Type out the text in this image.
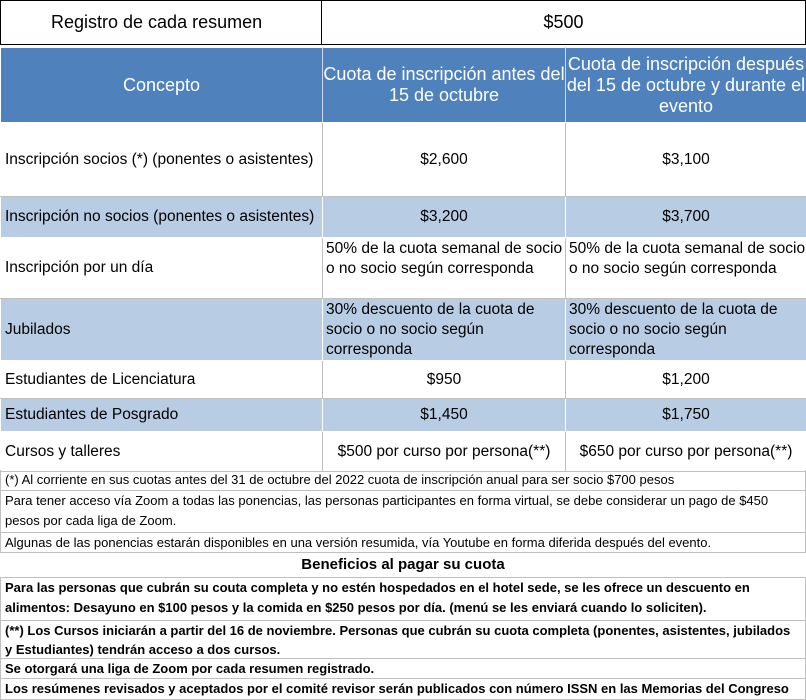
Registro de cada resumen	$500
Concepto	Cuota de inscripción antes del 15 de octubre	Cuota de inscripción después del 15 de octubre y durante el evento
Inscripción socios (*) (ponentes o asistentes)	$2,600	$3,100
Inscripción no socios (ponentes o asistentes)	$3,200	$3,700
Inscripción por un día	50% de la cuota semanal de socio o no socio según corresponda	50% de la cuota semanal de socio o no socio según corresponda
Jubilados	30% descuento de la cuota de socio o no socio según corresponda	30% descuento de la cuota de socio o no socio según corresponda
Estudiantes de Licenciatura	$950	$1,200
Estudiantes de Posgrado	$1,450	$1,750
Cursos y talleres	$500 por curso por persona(**)	$650 por curso por persona(**)
(*) Al corriente en sus cuotas antes del 31 de octubre del 2022 cuota de inscripción anual para ser socio $700 pesos
Para tener acceso vía Zoom a todas las ponencias, las personas participantes en forma virtual, se debe considerar un pago de $450 pesos por cada liga de Zoom.
Algunas de las ponencias estarán disponibles en una versión resumida, vía Youtube en forma diferida después del evento.
Beneficios al pagar su cuota
Para las personas que cubrán su couta completa y no estén hospedados en el hotel sede, se les ofrece un descuento en alimentos: Desayuno en $100 pesos y la comida en $250 pesos por día. (menú se les enviará cuando lo soliciten).
(**) Los Cursos iniciarán a partir del 16 de noviembre. Personas que cubrán su cuota completa (ponentes, asistentes, jubilados y Estudiantes) tendrán acceso a dos cursos.
Se otorgará una liga de Zoom por cada resumen registrado.
Los resúmenes revisados y aceptados por el comité revisor serán publicados con número ISSN en las Memorias del Congreso
